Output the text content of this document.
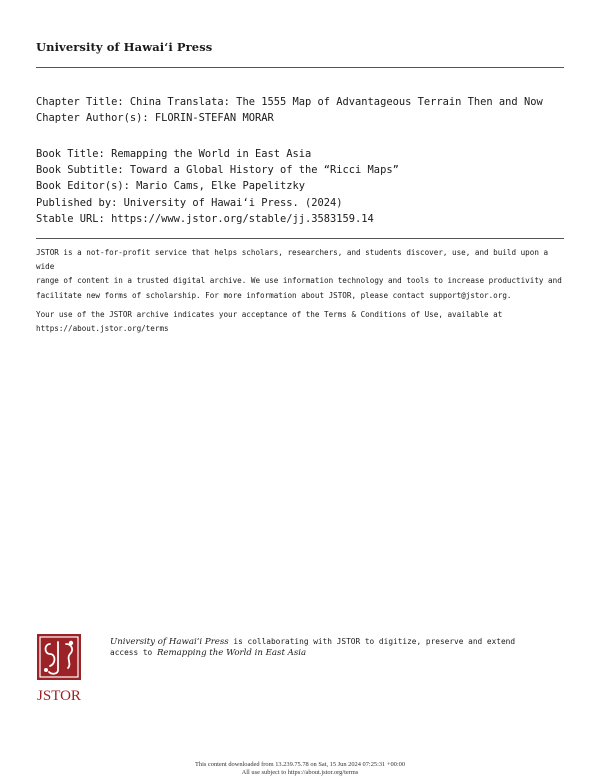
University of Hawaiʻi Press
Chapter Title: China Translata: The 1555 Map of Advantageous Terrain Then and Now
Chapter Author(s): FLORIN-STEFAN MORAR
Book Title: Remapping the World in East Asia
Book Subtitle: Toward a Global History of the “Ricci Maps”
Book Editor(s): Mario Cams, Elke Papelitzky
Published by: University of Hawaiʻi Press. (2024)
Stable URL: https://www.jstor.org/stable/jj.3583159.14
JSTOR is a not-for-profit service that helps scholars, researchers, and students discover, use, and build upon a wide
range of content in a trusted digital archive. We use information technology and tools to increase productivity and
facilitate new forms of scholarship. For more information about JSTOR, please contact support@jstor.org.
Your use of the JSTOR archive indicates your acceptance of the Terms & Conditions of Use, available at
https://about.jstor.org/terms
JSTOR
University of Hawaiʻi Press is collaborating with JSTOR to digitize, preserve and extend
access to Remapping the World in East Asia
This content downloaded from 13.239.75.78 on Sat, 15 Jun 2024 07:25:31 +00:00
All use subject to https://about.jstor.org/terms
